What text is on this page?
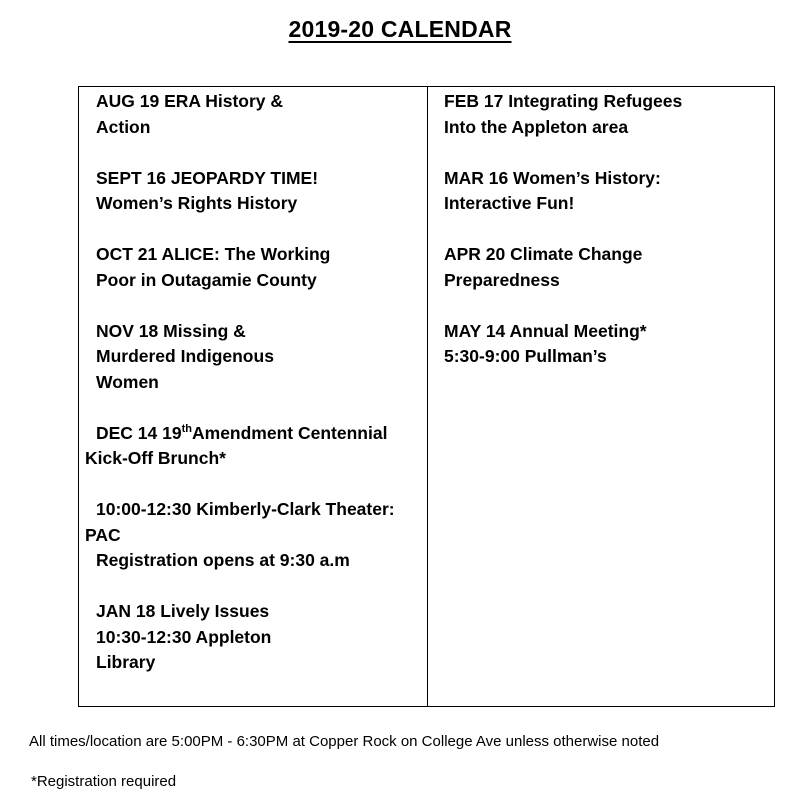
2019-20 CALENDAR
AUG 19 ERA History &
Action
SEPT 16 JEOPARDY TIME!
Women’s Rights History
OCT 21 ALICE: The Working
Poor in Outagamie County
NOV 18 Missing &
Murdered Indigenous
Women
DEC 14 19thAmendment Centennial
Kick-Off Brunch*
10:00-12:30 Kimberly-Clark Theater:
PAC
Registration opens at 9:30 a.m
JAN 18 Lively Issues
10:30-12:30 Appleton
Library
FEB 17 Integrating Refugees
Into the Appleton area
MAR 16 Women’s History:
Interactive Fun!
APR 20 Climate Change
Preparedness
MAY 14 Annual Meeting*
5:30-9:00 Pullman’s
All times/location are 5:00PM - 6:30PM at Copper Rock on College Ave unless otherwise noted
*Registration required
